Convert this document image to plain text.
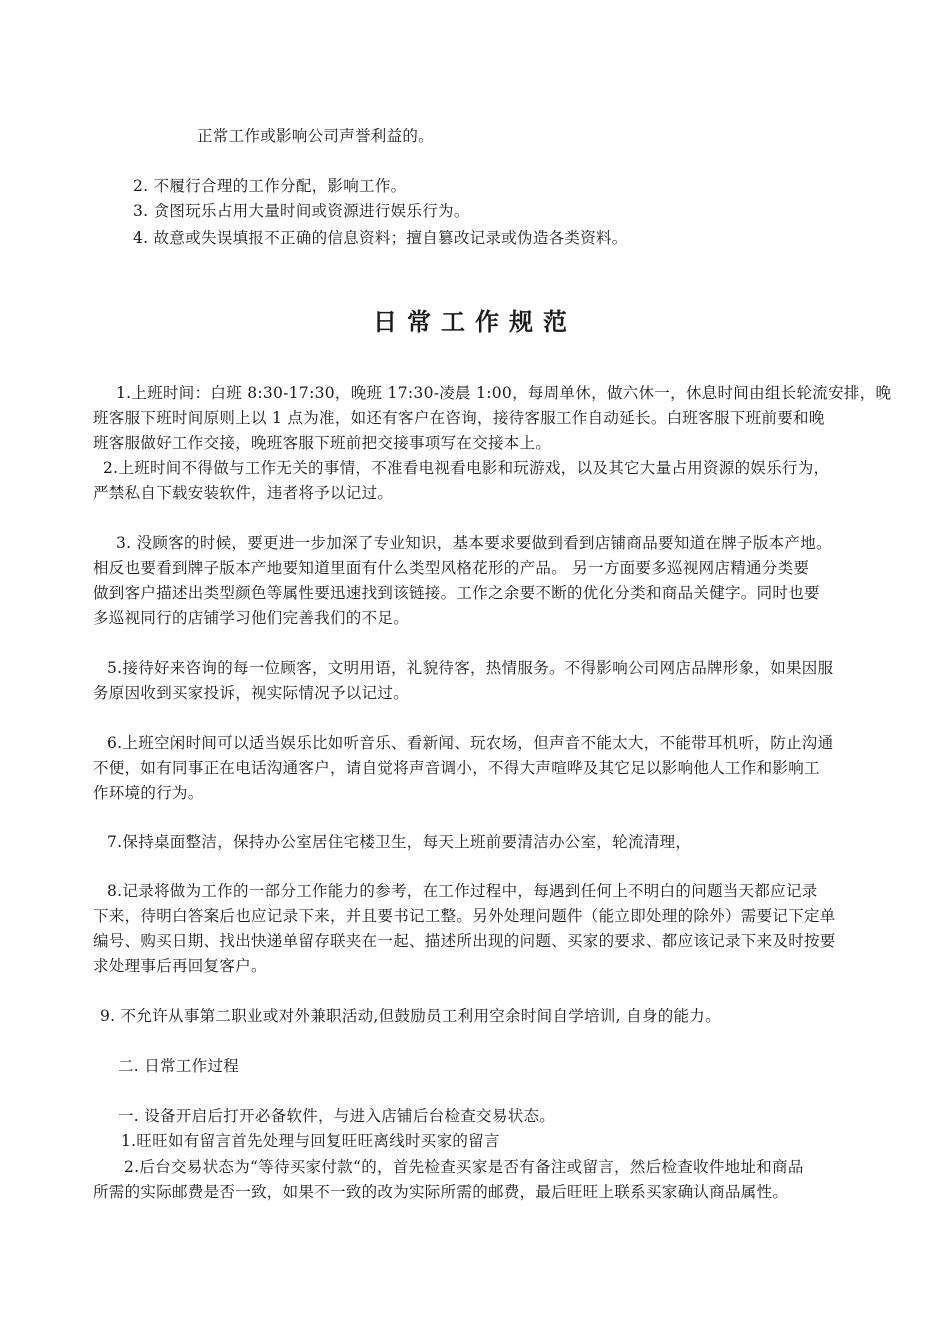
正常工作或影响公司声誉利益的。
2. 不履行合理的工作分配，影响工作。
3. 贪图玩乐占用大量时间或资源进行娱乐行为。
4. 故意或失误填报不正确的信息资料；擅自篡改记录或伪造各类资料。
日常工作规范
1.上班时间：白班 8:30-17:30，晚班 17:30-凌晨 1:00，每周单休，做六休一，休息时间由组长轮流安排，晚
班客服下班时间原则上以 1 点为准，如还有客户在咨询，接待客服工作自动延长。白班客服下班前要和晚
班客服做好工作交接，晚班客服下班前把交接事项写在交接本上。
2.上班时间不得做与工作无关的事情，不准看电视看电影和玩游戏，以及其它大量占用资源的娱乐行为，
严禁私自下载安装软件，违者将予以记过。
3. 没顾客的时候，要更进一步加深了专业知识，基本要求要做到看到店铺商品要知道在牌子版本产地。
相反也要看到牌子版本产地要知道里面有什么类型风格花形的产品。 另一方面要多巡视网店精通分类要
做到客户描述出类型颜色等属性要迅速找到该链接。工作之余要不断的优化分类和商品关健字。同时也要
多巡视同行的店铺学习他们完善我们的不足。
5.接待好来咨询的每一位顾客，文明用语，礼貌待客，热情服务。不得影响公司网店品牌形象，如果因服
务原因收到买家投诉，视实际情况予以记过。
6.上班空闲时间可以适当娱乐比如听音乐、看新闻、玩农场，但声音不能太大，不能带耳机听，防止沟通
不便，如有同事正在电话沟通客户，请自觉将声音调小，不得大声喧哗及其它足以影响他人工作和影响工
作环境的行为。
7.保持桌面整洁，保持办公室居住宅楼卫生，每天上班前要清洁办公室，轮流清理，
8.记录将做为工作的一部分工作能力的参考，在工作过程中，每遇到任何上不明白的问题当天都应记录
下来，待明白答案后也应记录下来，并且要书记工整。另外处理问题件（能立即处理的除外）需要记下定单
编号、购买日期、找出快递单留存联夹在一起、描述所出现的问题、买家的要求、都应该记录下来及时按要
求处理事后再回复客户。
9. 不允许从事第二职业或对外兼职活动,但鼓励员工利用空余时间自学培训, 自身的能力。
二. 日常工作过程
一. 设备开启后打开必备软件，与进入店铺后台检查交易状态。
1.旺旺如有留言首先处理与回复旺旺离线时买家的留言
2.后台交易状态为“等待买家付款“的，首先检查买家是否有备注或留言，然后检查收件地址和商品
所需的实际邮费是否一致，如果不一致的改为实际所需的邮费，最后旺旺上联系买家确认商品属性。
